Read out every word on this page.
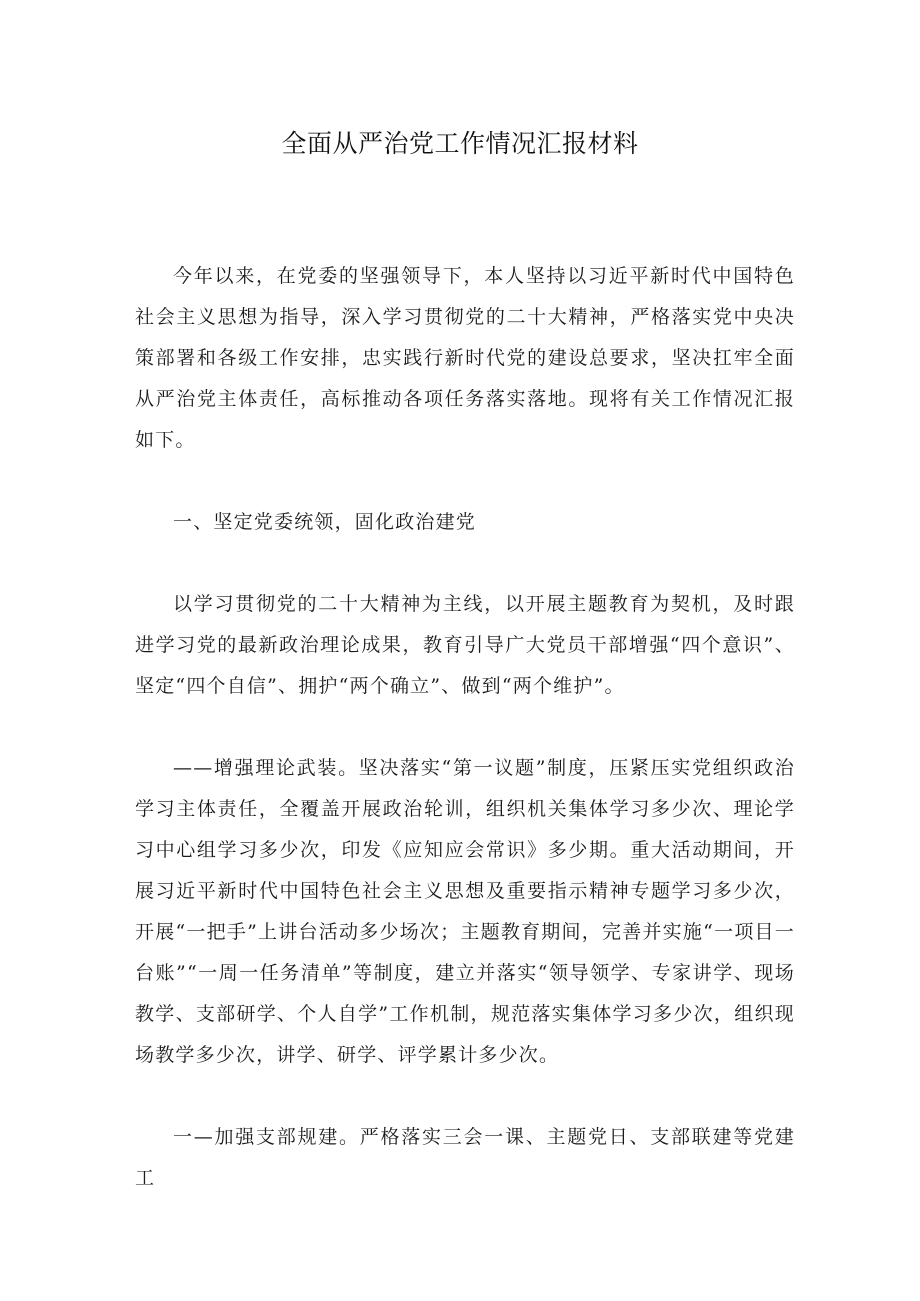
全面从严治党工作情况汇报材料

今年以来，在党委的坚强领导下，本人坚持以习近平新时代中国特色社会主义思想为指导，深入学习贯彻党的二十大精神，严格落实党中央决策部署和各级工作安排，忠实践行新时代党的建设总要求，坚决扛牢全面从严治党主体责任，高标推动各项任务落实落地。现将有关工作情况汇报如下。

一、坚定党委统领，固化政治建党

以学习贯彻党的二十大精神为主线，以开展主题教育为契机，及时跟进学习党的最新政治理论成果，教育引导广大党员干部增强“四个意识”、坚定“四个自信”、拥护“两个确立”、做到“两个维护”。

——增强理论武装。坚决落实“第一议题”制度，压紧压实党组织政治学习主体责任，全覆盖开展政治轮训，组织机关集体学习多少次、理论学习中心组学习多少次，印发《应知应会常识》多少期。重大活动期间，开展习近平新时代中国特色社会主义思想及重要指示精神专题学习多少次，开展“一把手”上讲台活动多少场次；主题教育期间，完善并实施“一项目一台账”“一周一任务清单”等制度，建立并落实“领导领学、专家讲学、现场教学、支部研学、个人自学”工作机制，规范落实集体学习多少次，组织现场教学多少次，讲学、研学、评学累计多少次。

一—加强支部规建。严格落实三会一课、主题党日、支部联建等党建工
